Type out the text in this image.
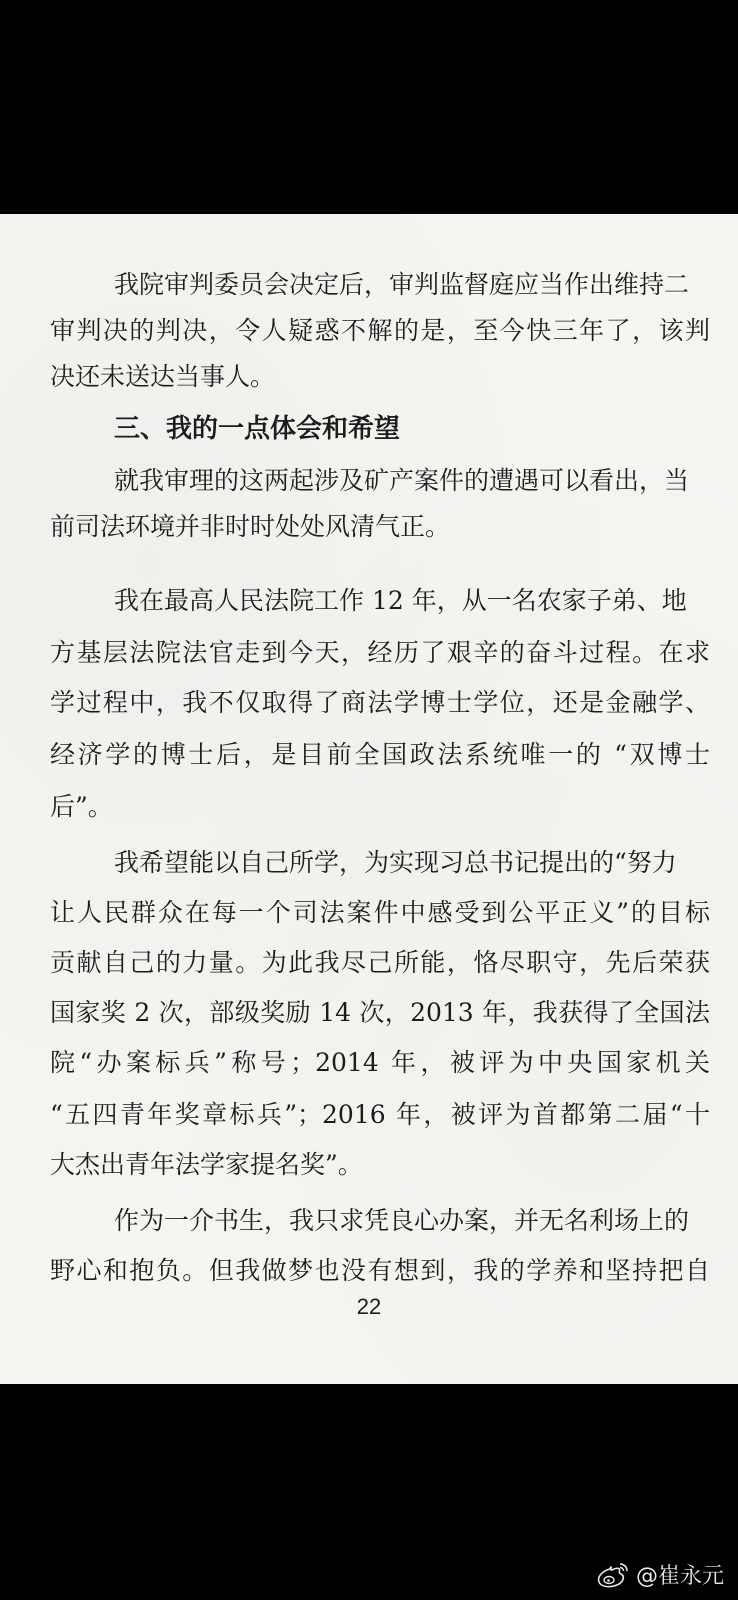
我院审判委员会决定后，审判监督庭应当作出维持二
审判决的判决，令人疑惑不解的是，至今快三年了，该判
决还未送达当事人。
三、我的一点体会和希望
就我审理的这两起涉及矿产案件的遭遇可以看出，当
前司法环境并非时时处处风清气正。
我在最高人民法院工作 12 年，从一名农家子弟、地
方基层法院法官走到今天，经历了艰辛的奋斗过程。在求
学过程中，我不仅取得了商法学博士学位，还是金融学、
经济学的博士后，是目前全国政法系统唯一的 “双博士
后”。
我希望能以自己所学，为实现习总书记提出的“努力
让人民群众在每一个司法案件中感受到公平正义”的目标
贡献自己的力量。为此我尽己所能，恪尽职守，先后荣获
国家奖 2 次，部级奖励 14 次，2013 年，我获得了全国法
院“办案标兵”称号；2014 年，被评为中央国家机关
“五四青年奖章标兵”；2016 年，被评为首都第二届“十
大杰出青年法学家提名奖”。
作为一介书生，我只求凭良心办案，并无名利场上的
野心和抱负。但我做梦也没有想到，我的学养和坚持把自
22
@崔永元
